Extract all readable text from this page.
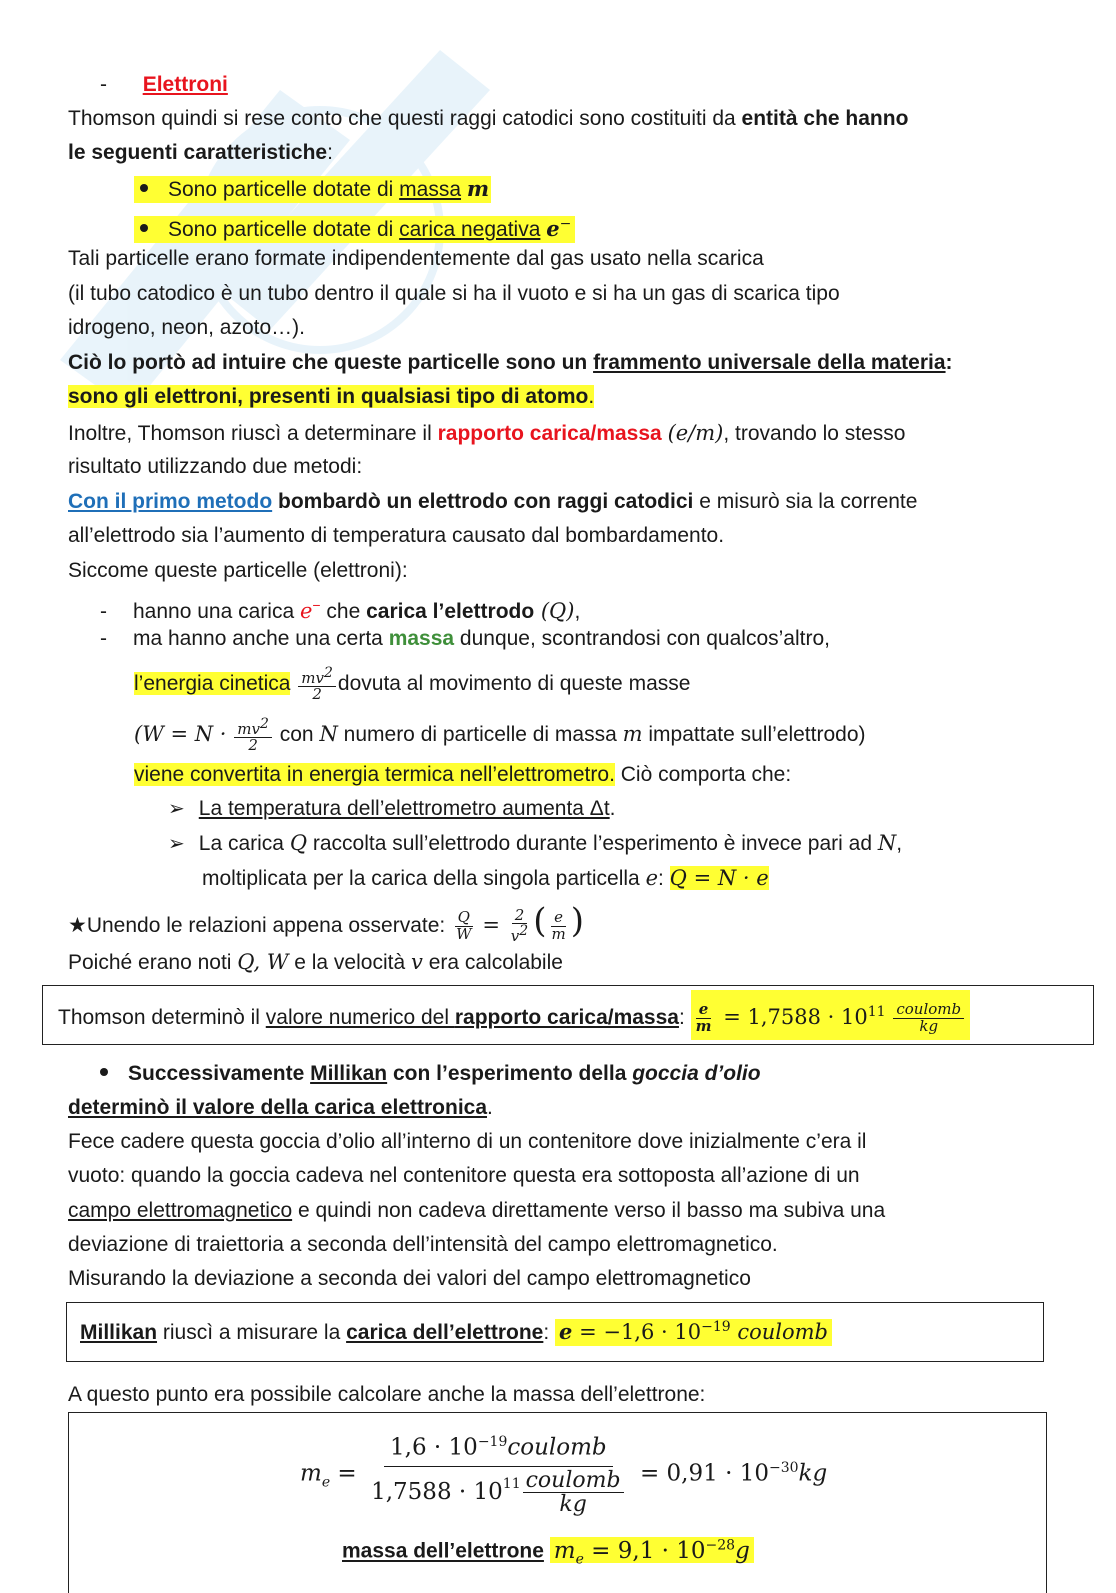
- Elettroni
Thomson quindi si rese conto che questi raggi catodici sono costituiti da entità che hanno
le seguenti caratteristiche:
Sono particelle dotate di massa m
Sono particelle dotate di carica negativa e−
Tali particelle erano formate indipendentemente dal gas usato nella scarica
(il tubo catodico è un tubo dentro il quale si ha il vuoto e si ha un gas di scarica tipo
idrogeno, neon, azoto…).
Ciò lo portò ad intuire che queste particelle sono un frammento universale della materia:
sono gli elettroni, presenti in qualsiasi tipo di atomo.
Inoltre, Thomson riuscì a determinare il rapporto carica/massa (e/m), trovando lo stesso
risultato utilizzando due metodi:
Con il primo metodo bombardò un elettrodo con raggi catodici e misurò sia la corrente
all’elettrodo sia l’aumento di temperatura causato dal bombardamento.
Siccome queste particelle (elettroni):
- hanno una carica e− che carica l’elettrodo (Q),
- ma hanno anche una certa massa dunque, scontrandosi con qualcos’altro,
l’energia cinetica $\frac{mv^2}{2}$ dovuta al movimento di queste masse
($W = N \cdot \frac{mv^2}{2}$ con N numero di particelle di massa m impattate sull’elettrodo)
viene convertita in energia termica nell’elettrometro. Ciò comporta che:
➢ La temperatura dell’elettrometro aumenta Δt.
➢ La carica Q raccolta sull’elettrodo durante l’esperimento è invece pari ad N,
moltiplicata per la carica della singola particella e: Q = N · e
★Unendo le relazioni appena osservate: $\frac{Q}{W} = \frac{2}{v^2}$ ( $\frac{e}{m}$ )
Poiché erano noti Q, W e la velocità v era calcolabile
Thomson determinò il valore numerico del rapporto carica/massa: $\frac{e}{m} = 1,7588 \cdot 10^{11} \frac{\text{coulomb}}{kg}$
Successivamente Millikan con l’esperimento della goccia d’olio
determinò il valore della carica elettronica.
Fece cadere questa goccia d’olio all’interno di un contenitore dove inizialmente c’era il
vuoto: quando la goccia cadeva nel contenitore questa era sottoposta all’azione di un
campo elettromagnetico e quindi non cadeva direttamente verso il basso ma subiva una
deviazione di traiettoria a seconda dell’intensità del campo elettromagnetico.
Misurando la deviazione a seconda dei valori del campo elettromagnetico
Millikan riuscì a misurare la carica dell’elettrone: $e = -1,6 \cdot 10^{-19}$ coulomb
A questo punto era possibile calcolare anche la massa dell’elettrone:
$m_e = \frac{1,6 \cdot 10^{-19}coulomb}{1,7588 \cdot 10^{11} \frac{\text{coulomb}}{kg}} = 0,91 \cdot 10^{-30}kg$
massa dell’elettrone $m_e = 9,1 \cdot 10^{-28}g$
